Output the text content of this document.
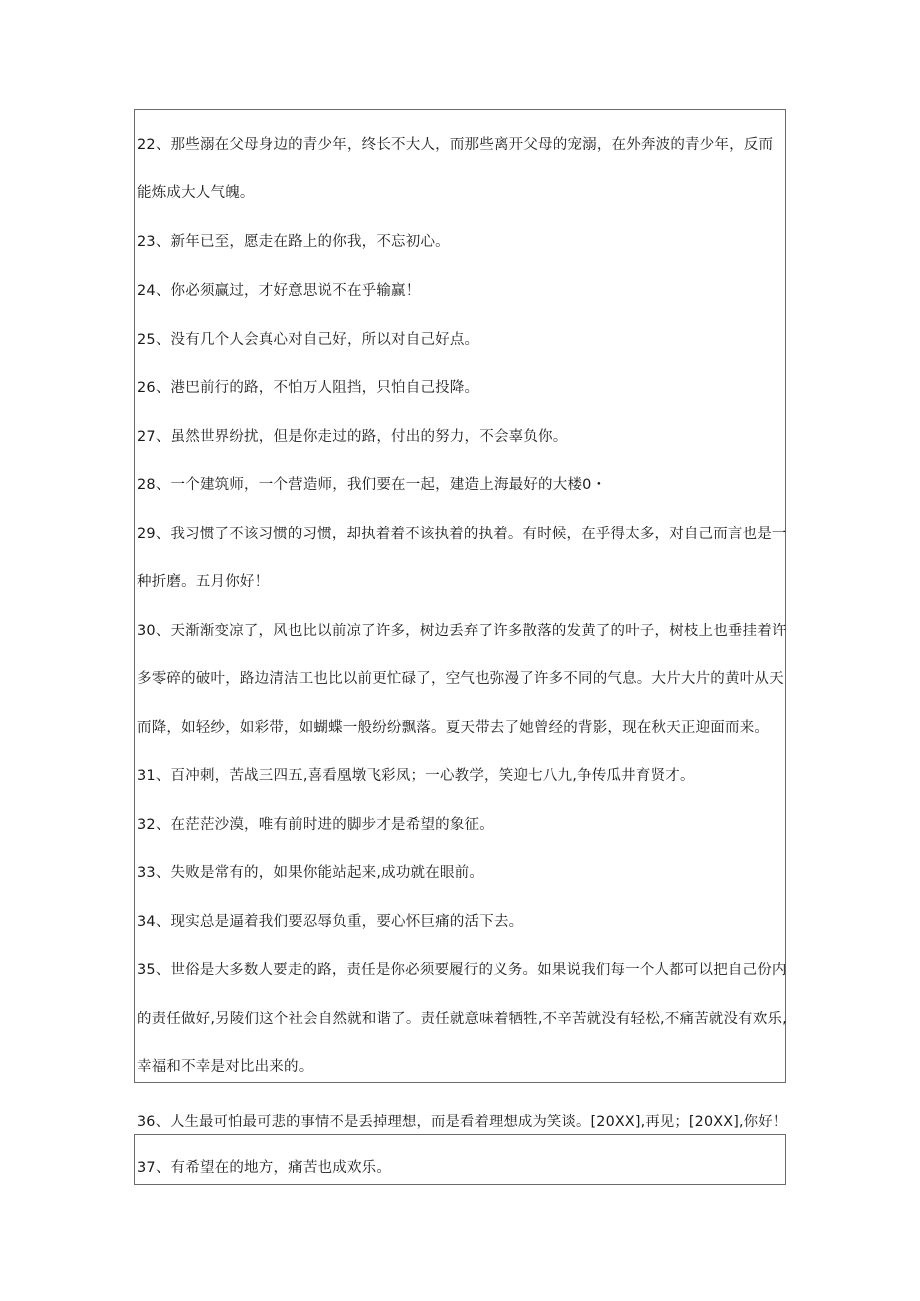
22、那些溺在父母身边的青少年，终长不大人，而那些离开父母的宠溺，在外奔波的青少年，反而
能炼成大人气魄。
23、新年已至，愿走在路上的你我，不忘初心。
24、你必须赢过，才好意思说不在乎输赢！
25、没有几个人会真心对自己好，所以对自己好点。
26、港巴前行的路，不怕万人阻挡，只怕自己投降。
27、虽然世界纷扰，但是你走过的路，付出的努力，不会辜负你。
28、一个建筑师，一个营造师，我们要在一起，建造上海最好的大楼0・
29、我习惯了不该习惯的习惯，却执着着不该执着的执着。有时候，在乎得太多，对自己而言也是一
种折磨。五月你好！
30、天渐渐变凉了，风也比以前凉了许多，树边丢弃了许多散落的发黄了的叶子，树枝上也垂挂着许
多零碎的破叶，路边清洁工也比以前更忙碌了，空气也弥漫了许多不同的气息。大片大片的黄叶从天
而降，如轻纱，如彩带，如蝴蝶一般纷纷飘落。夏天带去了她曾经的背影，现在秋天正迎面而来。
31、百冲刺，苦战三四五,喜看凰墩飞彩凤；一心教学，笑迎七八九,争传瓜井育贤才。
32、在茫茫沙漠，唯有前时进的脚步才是希望的象征。
33、失败是常有的，如果你能站起来,成功就在眼前。
34、现实总是逼着我们要忍辱负重，要心怀巨痛的活下去。
35、世俗是大多数人要走的路，责任是你必须要履行的义务。如果说我们每一个人都可以把自己份内
的责任做好,另陵们这个社会自然就和谐了。责任就意味着牺牲,不辛苦就没有轻松,不痛苦就没有欢乐,
幸福和不幸是对比出来的。
36、人生最可怕最可悲的事情不是丢掉理想，而是看着理想成为笑谈。[20XX],再见；[20XX],你好！
37、有希望在的地方，痛苦也成欢乐。
